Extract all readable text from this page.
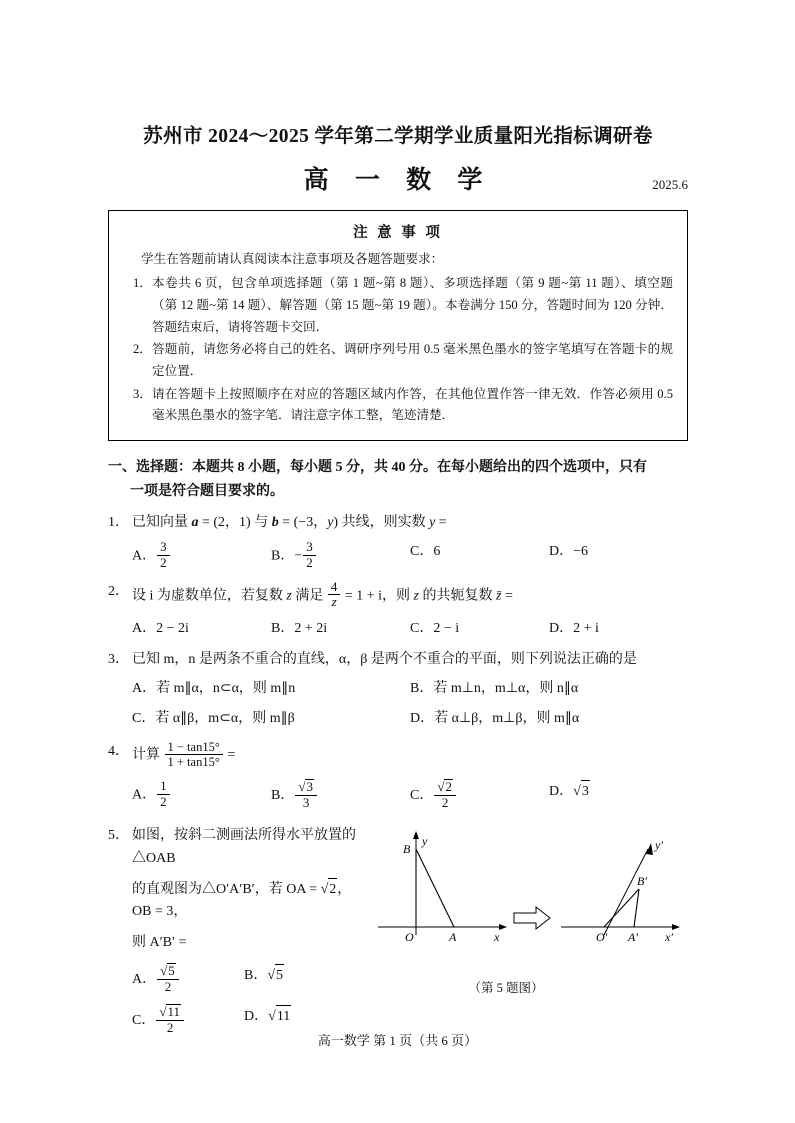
苏州市 2024～2025 学年第二学期学业质量阳光指标调研卷
高 一 数 学	2025.6
注 意 事 项
学生在答题前请认真阅读本注意事项及各题答题要求：
1． 本卷共 6 页，包含单项选择题（第 1 题~第 8 题）、多项选择题（第 9 题~第 11 题）、填空题（第 12 题~第 14 题）、解答题（第 15 题~第 19 题）。本卷满分 150 分，答题时间为 120 分钟．答题结束后，请将答题卡交回．
2． 答题前，请您务必将自己的姓名、调研序列号用 0.5 毫米黑色墨水的签字笔填写在答题卡的规定位置．
3． 请在答题卡上按照顺序在对应的答题区域内作答，在其他位置作答一律无效．作答必须用 0.5 毫米黑色墨水的签字笔．请注意字体工整，笔迹清楚．
一、选择题：本题共 8 小题，每小题 5 分，共 40 分。在每小题给出的四个选项中，只有
一项是符合题目要求的。
1． 已知向量 a = (2，1) 与 b = (−3，y) 共线，则实数 y =
A． $\frac{3}{2}$	B．− $\frac{3}{2}$	C．6	D．−6
2． 设 i 为虚数单位，若复数 z 满足 $\frac{4}{z} = 1 + i$，则 z 的共轭复数 z̄ =
A．2 − 2i	B．2 + 2i	C．2 − i	D．2 + i
3． 已知 m，n 是两条不重合的直线，α，β 是两个不重合的平面，则下列说法正确的是
A．若 m∥α，n⊂α，则 m∥n	B．若 m⊥n，m⊥α，则 n∥α
C．若 α∥β，m⊂α，则 m∥β	D．若 α⊥β，m⊥β，则 m∥α
4． 计算 $\frac{1 - \tan 15^\circ}{1 + \tan 15^\circ}$ =
A． $\frac{1}{2}$	B． $\frac{√3}{3}$	C． $\frac{√2}{2}$	D．√3
5． 如图，按斜二测画法所得水平放置的△OAB
的直观图为△O′A′B′，若 OA = √2，OB = 3，
则 A′B′ =
A． $\frac{√5}{2}$	B．√5
C． $\frac{√11}{2}$	D．√11
B
O	A	x
y
B′
O′ A′ x′
y′
（第 5 题图）
高一数学 第 1 页（共 6 页）
